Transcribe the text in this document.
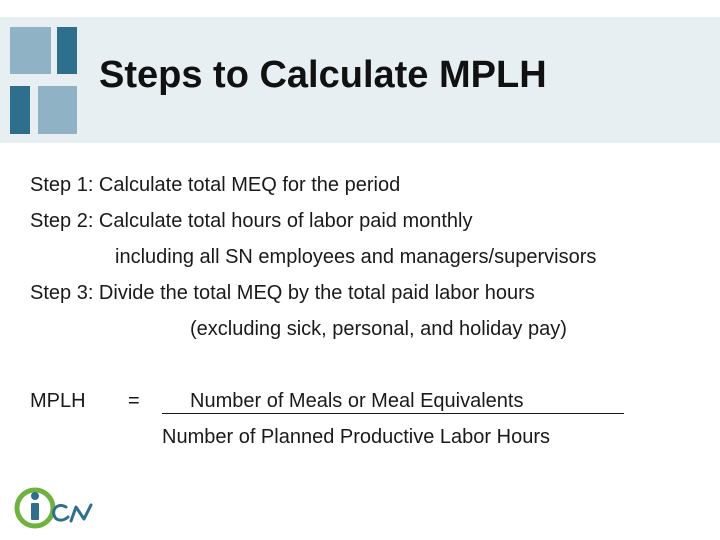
Steps to Calculate MPLH
Step 1: Calculate total MEQ for the period
Step 2: Calculate total hours of labor paid monthly
including all SN employees and managers/supervisors
Step 3: Divide the total MEQ by the total paid labor hours
(excluding sick, personal, and holiday pay)
MPLH =	Number of Meals or Meal Equivalents
Number of Planned Productive Labor Hours
